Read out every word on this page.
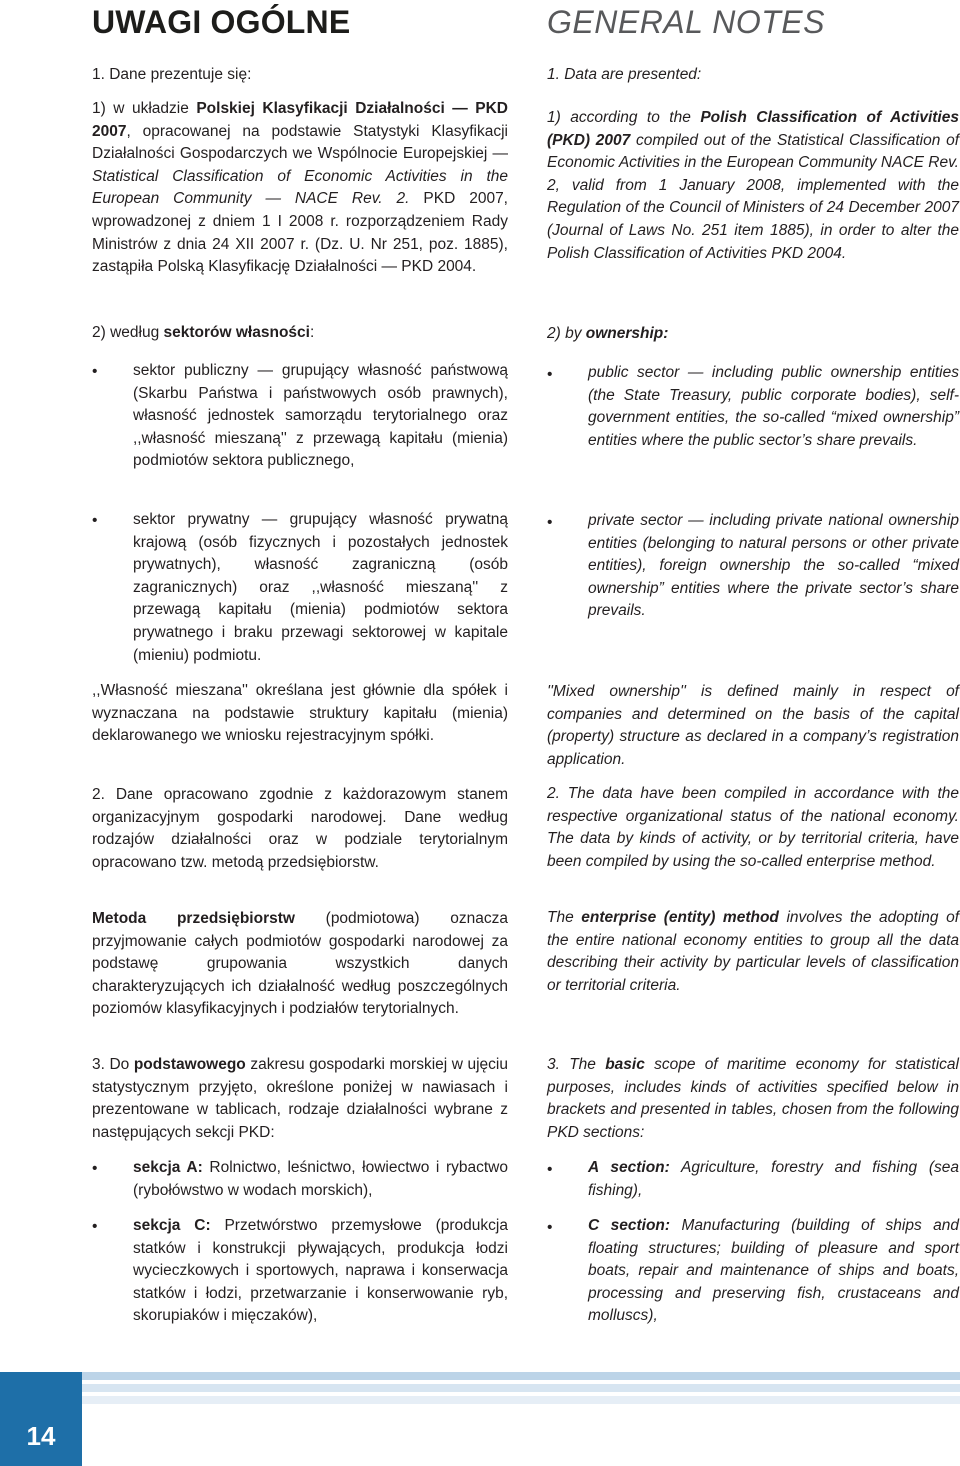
UWAGI OGÓLNE	GENERAL NOTES

1. Dane prezentuje się:

1) w układzie Polskiej Klasyfikacji Działalności — PKD 2007, opracowanej na podstawie Statystyki Klasyfikacji Działalności Gospodarczych we Wspólnocie Europejskiej — Statistical Classification of Economic Activities in the European Community — NACE Rev. 2. PKD 2007, wprowadzonej z dniem 1 I 2008 r. rozporządzeniem Rady Ministrów z dnia 24 XII 2007 r. (Dz. U. Nr 251, poz. 1885), zastąpiła Polską Klasyfikację Działalności — PKD 2004.

2) według sektorów własności:

• sektor publiczny — grupujący własność państwową (Skarbu Państwa i państwowych osób prawnych), własność jednostek samorządu terytorialnego oraz ,,własność mieszaną'' z przewagą kapitału (mienia) podmiotów sektora publicznego,

• sektor prywatny — grupujący własność prywatną krajową (osób fizycznych i pozostałych jednostek prywatnych), własność zagraniczną (osób zagranicznych) oraz ,,własność mieszaną'' z przewagą kapitału (mienia) podmiotów sektora prywatnego i braku przewagi sektorowej w kapitale (mieniu) podmiotu.

,,Własność mieszana'' określana jest głównie dla spółek i wyznaczana na podstawie struktury kapitału (mienia) deklarowanego we wniosku rejestracyjnym spółki.

2. Dane opracowano zgodnie z każdorazowym stanem organizacyjnym gospodarki narodowej. Dane według rodzajów działalności oraz w podziale terytorialnym opracowano tzw. metodą przedsiębiorstw.

Metoda przedsiębiorstw (podmiotowa) oznacza przyjmowanie całych podmiotów gospodarki narodowej za podstawę grupowania wszystkich danych charakteryzujących ich działalność według poszczególnych poziomów klasyfikacyjnych i podziałów terytorialnych.

3. Do podstawowego zakresu gospodarki morskiej w ujęciu statystycznym przyjęto, określone poniżej w nawiasach i prezentowane w tablicach, rodzaje działalności wybrane z następujących sekcji PKD:

• sekcja A: Rolnictwo, leśnictwo, łowiectwo i rybactwo (rybołówstwo w wodach morskich),

• sekcja C: Przetwórstwo przemysłowe (produkcja statków i konstrukcji pływających, produkcja łodzi wycieczkowych i sportowych, naprawa i konserwacja statków i łodzi, przetwarzanie i konserwowanie ryb, skorupiaków i mięczaków),

1. Data are presented:

1) according to the Polish Classification of Activities (PKD) 2007 compiled out of the Statistical Classification of Economic Activities in the European Community NACE Rev. 2, valid from 1 January 2008, implemented with the Regulation of the Council of Ministers of 24 December 2007 (Journal of Laws No. 251 item 1885), in order to alter the Polish Classification of Activities PKD 2004.

2) by ownership:

• public sector — including public ownership entities (the State Treasury, public corporate bodies), self-government entities, the so-called “mixed ownership” entities where the public sector’s share prevails.

• private sector — including private national ownership entities (belonging to natural persons or other private entities), foreign ownership the so-called “mixed ownership” entities where the private sector’s share prevails.

''Mixed ownership'' is defined mainly in respect of companies and determined on the basis of the capital (property) structure as declared in a company’s registration application.

2. The data have been compiled in accordance with the respective organizational status of the national economy. The data by kinds of activity, or by territorial criteria, have been compiled by using the so-called enterprise method.

The enterprise (entity) method involves the adopting of the entire national economy entities to group all the data describing their activity by particular levels of classification or territorial criteria.

3. The basic scope of maritime economy for statistical purposes, includes kinds of activities specified below in brackets and presented in tables, chosen from the following PKD sections:

• A section: Agriculture, forestry and fishing (sea fishing),

• C section: Manufacturing (building of ships and floating structures; building of pleasure and sport boats, repair and maintenance of ships and boats, processing and preserving fish, crustaceans and molluscs),

14
